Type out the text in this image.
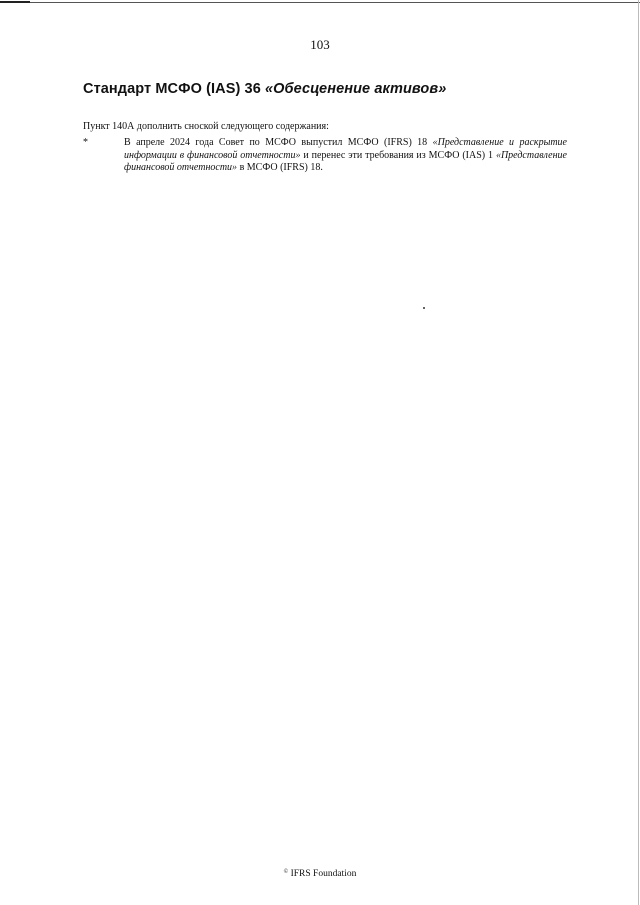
103
Стандарт МСФО (IAS) 36 «Обесценение активов»
Пункт 140А дополнить сноской следующего содержания:
*	В апреле 2024 года Совет по МСФО выпустил МСФО (IFRS) 18 «Представление и раскрытие информации в финансовой отчетности» и перенес эти требования из МСФО (IAS) 1 «Представление финансовой отчетности» в МСФО (IFRS) 18.
© IFRS Foundation
